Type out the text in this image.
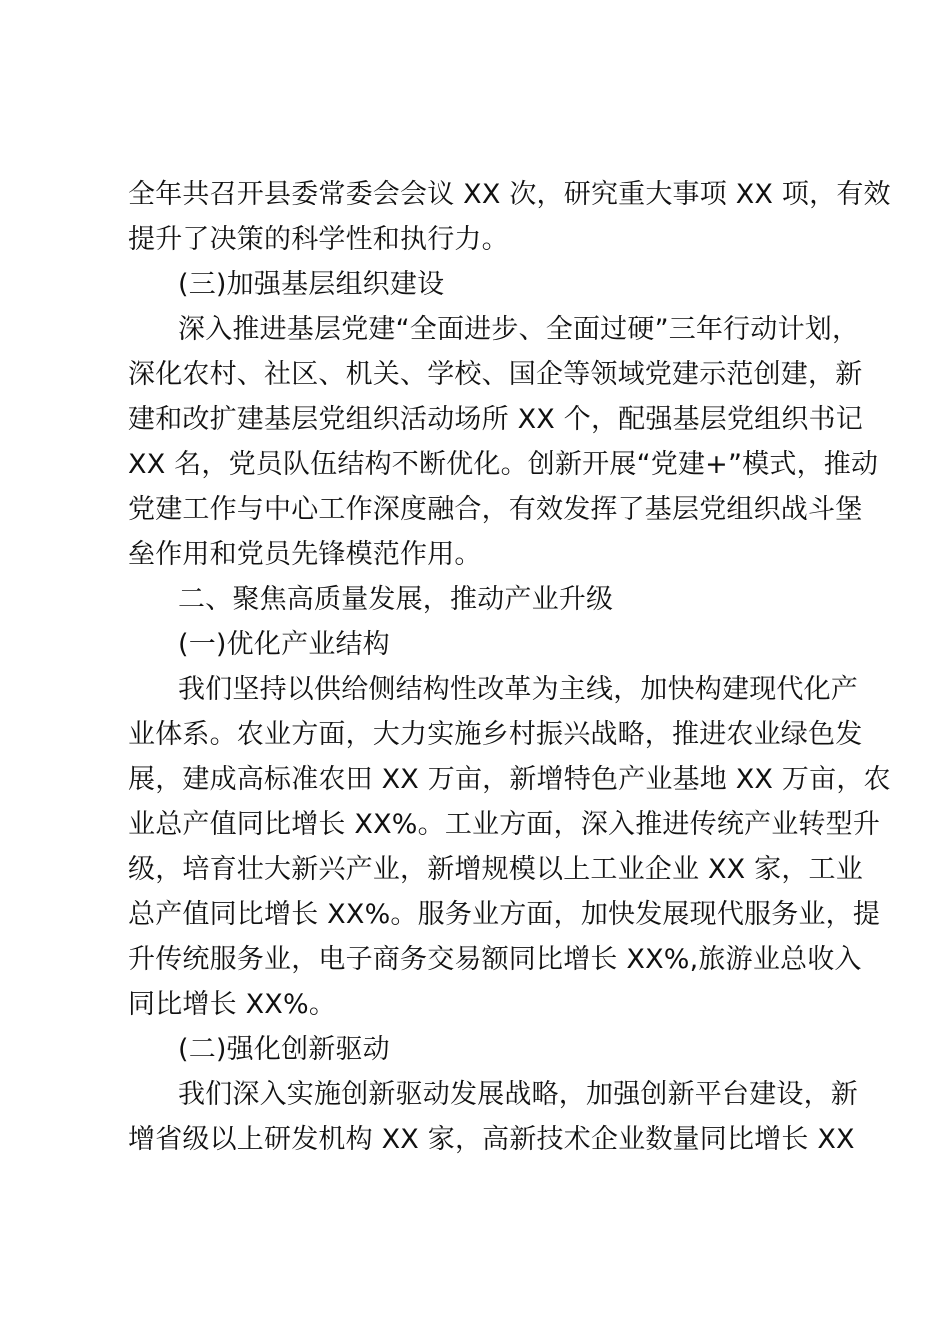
全年共召开县委常委会会议 XX 次，研究重大事项 XX 项，有效
提升了决策的科学性和执行力。

(三)加强基层组织建设

深入推进基层党建“全面进步、全面过硬”三年行动计划，
深化农村、社区、机关、学校、国企等领域党建示范创建，新
建和改扩建基层党组织活动场所 XX 个，配强基层党组织书记
XX 名，党员队伍结构不断优化。创新开展“党建+”模式，推动
党建工作与中心工作深度融合，有效发挥了基层党组织战斗堡
垒作用和党员先锋模范作用。

二、聚焦高质量发展，推动产业升级

(一)优化产业结构

我们坚持以供给侧结构性改革为主线，加快构建现代化产
业体系。农业方面，大力实施乡村振兴战略，推进农业绿色发
展，建成高标准农田 XX 万亩，新增特色产业基地 XX 万亩，农
业总产值同比增长 XX%。工业方面，深入推进传统产业转型升
级，培育壮大新兴产业，新增规模以上工业企业 XX 家，工业
总产值同比增长 XX%。服务业方面，加快发展现代服务业，提
升传统服务业，电子商务交易额同比增长 XX%,旅游业总收入
同比增长 XX%。

(二)强化创新驱动

我们深入实施创新驱动发展战略，加强创新平台建设，新
增省级以上研发机构 XX 家，高新技术企业数量同比增长 XX
